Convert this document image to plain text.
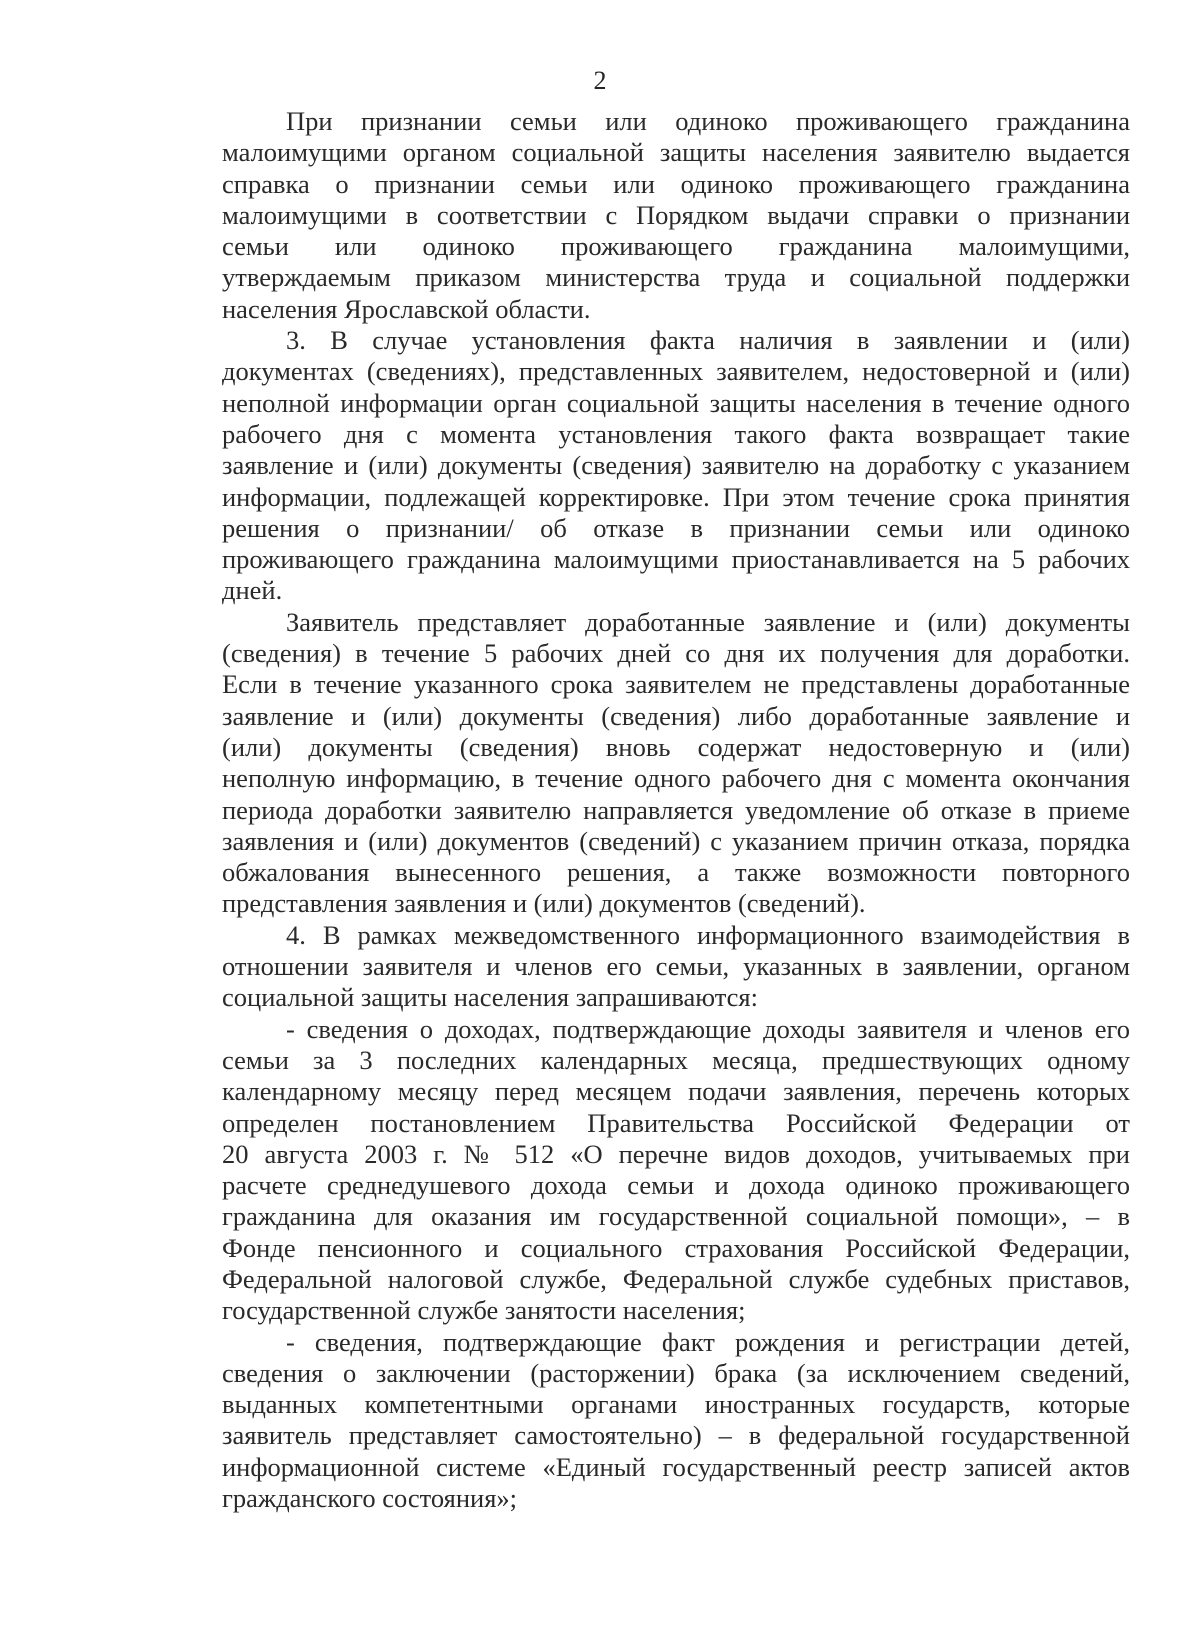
2
При признании семьи или одиноко проживающего гражданина
малоимущими органом социальной защиты населения заявителю выдается
справка о признании семьи или одиноко проживающего гражданина
малоимущими в соответствии с Порядком выдачи справки о признании
семьи или одиноко проживающего гражданина малоимущими,
утверждаемым приказом министерства труда и социальной поддержки
населения Ярославской области.
3. В случае установления факта наличия в заявлении и (или)
документах (сведениях), представленных заявителем, недостоверной и (или)
неполной информации орган социальной защиты населения в течение одного
рабочего дня с момента установления такого факта возвращает такие
заявление и (или) документы (сведения) заявителю на доработку с указанием
информации, подлежащей корректировке. При этом течение срока принятия
решения о признании/ об отказе в признании семьи или одиноко
проживающего гражданина малоимущими приостанавливается на 5 рабочих
дней.
Заявитель представляет доработанные заявление и (или) документы
(сведения) в течение 5 рабочих дней со дня их получения для доработки.
Если в течение указанного срока заявителем не представлены доработанные
заявление и (или) документы (сведения) либо доработанные заявление и
(или) документы (сведения) вновь содержат недостоверную и (или)
неполную информацию, в течение одного рабочего дня с момента окончания
периода доработки заявителю направляется уведомление об отказе в приеме
заявления и (или) документов (сведений) с указанием причин отказа, порядка
обжалования вынесенного решения, а также возможности повторного
представления заявления и (или) документов (сведений).
4. В рамках межведомственного информационного взаимодействия в
отношении заявителя и членов его семьи, указанных в заявлении, органом
социальной защиты населения запрашиваются:
- сведения о доходах, подтверждающие доходы заявителя и членов его
семьи за 3 последних календарных месяца, предшествующих одному
календарному месяцу перед месяцем подачи заявления, перечень которых
определен постановлением Правительства Российской Федерации от
20 августа 2003 г. № 512 «О перечне видов доходов, учитываемых при
расчете среднедушевого дохода семьи и дохода одиноко проживающего
гражданина для оказания им государственной социальной помощи», – в
Фонде пенсионного и социального страхования Российской Федерации,
Федеральной налоговой службе, Федеральной службе судебных приставов,
государственной службе занятости населения;
- сведения, подтверждающие факт рождения и регистрации детей,
сведения о заключении (расторжении) брака (за исключением сведений,
выданных компетентными органами иностранных государств, которые
заявитель представляет самостоятельно) – в федеральной государственной
информационной системе «Единый государственный реестр записей актов
гражданского состояния»;
